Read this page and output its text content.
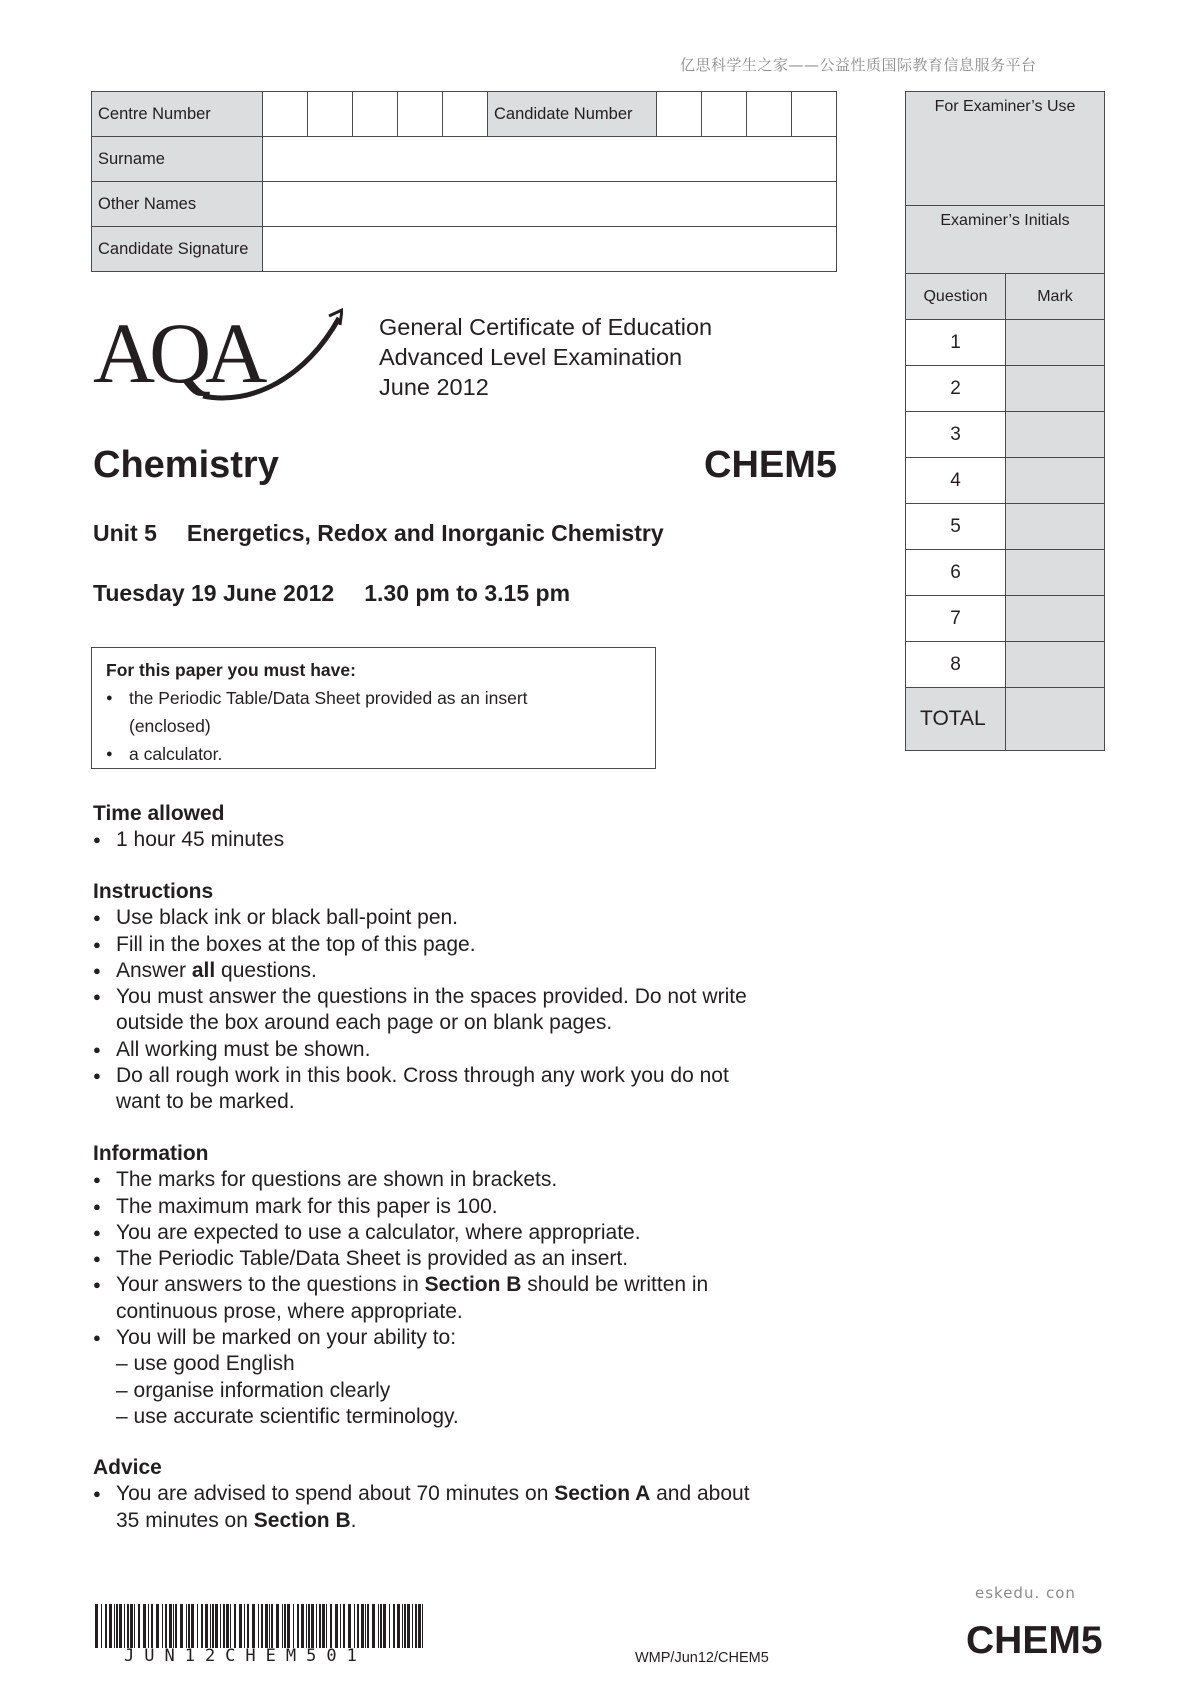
亿思科学生之家——公益性质国际教育信息服务平台
Centre Number						Candidate Number				
Surname										
Other Names										
Candidate Signature										
For Examiner’s Use
Examiner’s Initials
Question	Mark
1
2
3
4
5
6
7
8
TOTAL
AQA	General Certificate of Education
Advanced Level Examination
June 2012
Chemistry	CHEM5
Unit 5 Energetics, Redox and Inorganic Chemistry
Tuesday 19 June 2012 1.30 pm to 3.15 pm
For this paper you must have:
● the Periodic Table/Data Sheet provided as an insert
(enclosed)
● a calculator.
Time allowed
● 1 hour 45 minutes
Instructions
● Use black ink or black ball-point pen.
● Fill in the boxes at the top of this page.
● Answer all questions.
● You must answer the questions in the spaces provided. Do not write
outside the box around each page or on blank pages.
● All working must be shown.
● Do all rough work in this book. Cross through any work you do not
want to be marked.
Information
● The marks for questions are shown in brackets.
● The maximum mark for this paper is 100.
● You are expected to use a calculator, where appropriate.
● The Periodic Table/Data Sheet is provided as an insert.
● Your answers to the questions in Section B should be written in
continuous prose, where appropriate.
● You will be marked on your ability to:
– use good English
– organise information clearly
– use accurate scientific terminology.
Advice
● You are advised to spend about 70 minutes on Section A and about
35 minutes on Section B.
JUN12CHEM501	WMP/Jun12/CHEM5
eskedu. con
CHEM5
